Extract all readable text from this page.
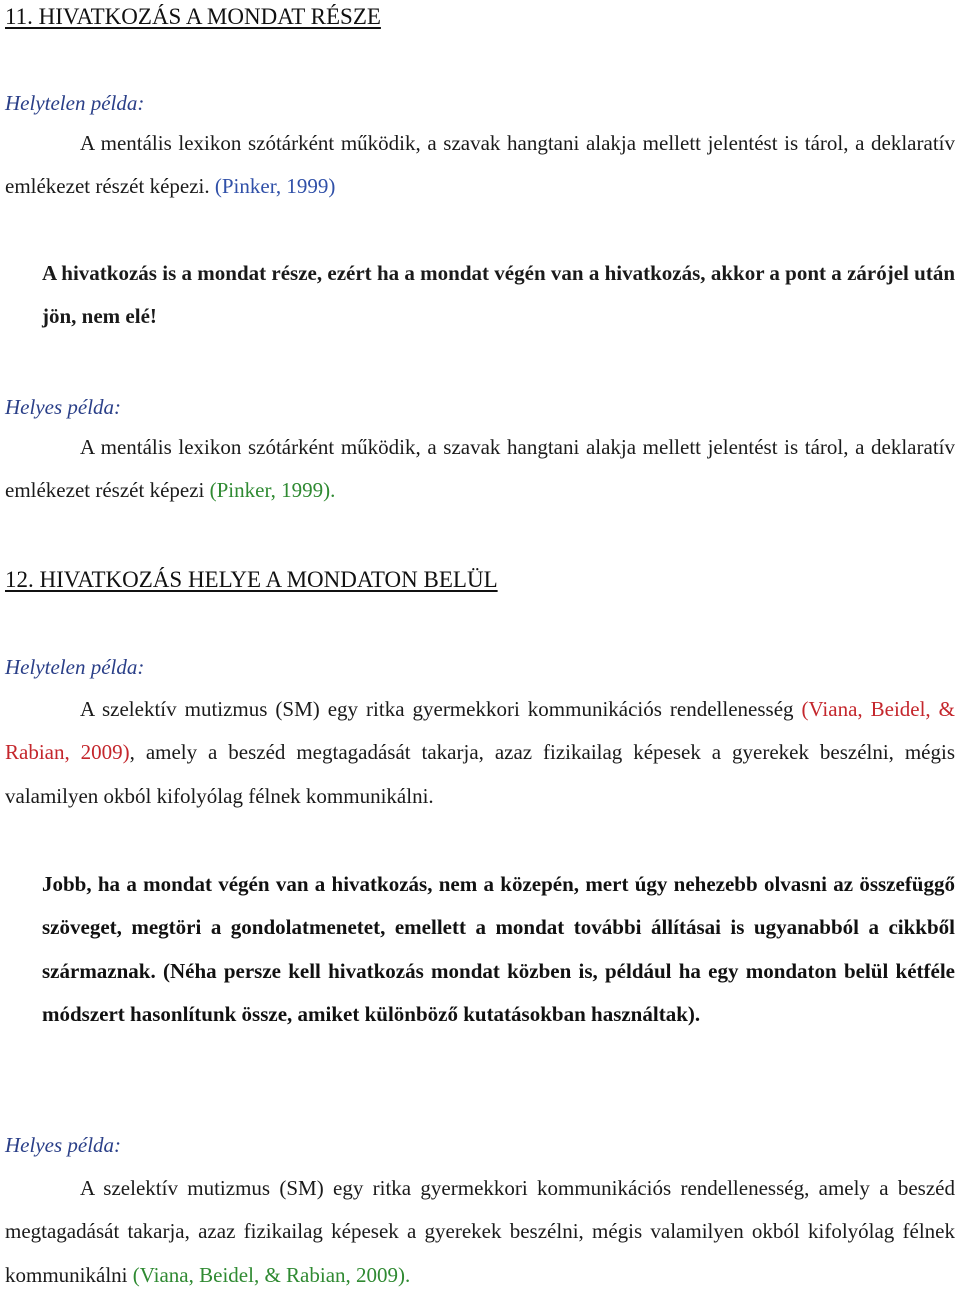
11. HIVATKOZÁS A MONDAT RÉSZE
Helytelen példa:

A mentális lexikon szótárként működik, a szavak hangtani alakja mellett jelentést is tárol, a deklaratív emlékezet részét képezi. (Pinker, 1999)

A hivatkozás is a mondat része, ezért ha a mondat végén van a hivatkozás, akkor a pont a zárójel után jön, nem elé!

Helyes példa:

A mentális lexikon szótárként működik, a szavak hangtani alakja mellett jelentést is tárol, a deklaratív emlékezet részét képezi (Pinker, 1999).

12. HIVATKOZÁS HELYE A MONDATON BELÜL
Helytelen példa:

A szelektív mutizmus (SM) egy ritka gyermekkori kommunikációs rendellenesség (Viana, Beidel, & Rabian, 2009), amely a beszéd megtagadását takarja, azaz fizikailag képesek a gyerekek beszélni, mégis valamilyen okból kifolyólag félnek kommunikálni.

Jobb, ha a mondat végén van a hivatkozás, nem a közepén, mert úgy nehezebb olvasni az összefüggő szöveget, megtöri a gondolatmenetet, emellett a mondat további állításai is ugyanabból a cikkből származnak. (Néha persze kell hivatkozás mondat közben is, például ha egy mondaton belül kétféle módszert hasonlítunk össze, amiket különböző kutatásokban használtak).

Helyes példa:

A szelektív mutizmus (SM) egy ritka gyermekkori kommunikációs rendellenesség, amely a beszéd megtagadását takarja, azaz fizikailag képesek a gyerekek beszélni, mégis valamilyen okból kifolyólag félnek kommunikálni (Viana, Beidel, & Rabian, 2009).
